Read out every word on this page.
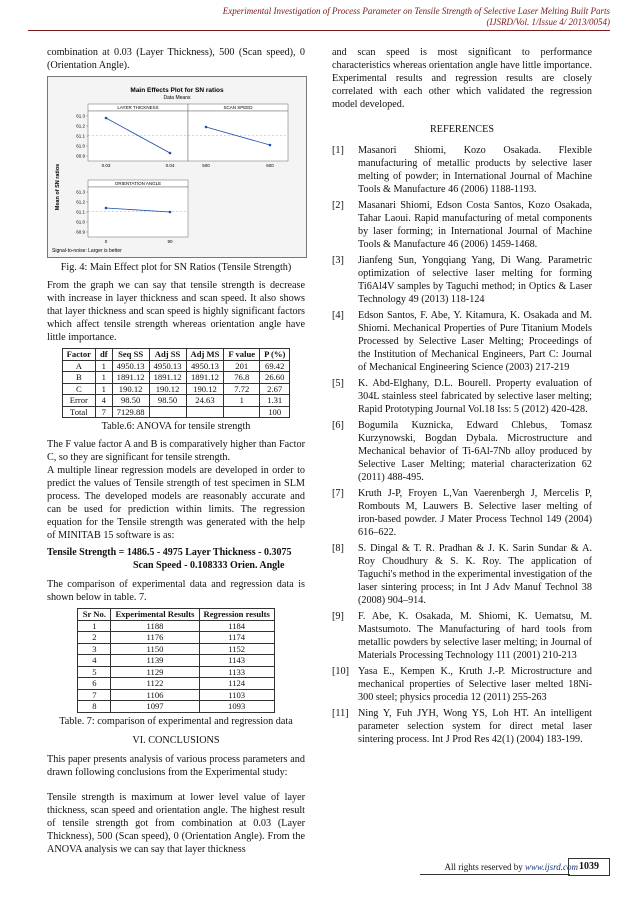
Experimental Investigation of Process Parameter on Tensile Strength of Selective Laser Melting Built Parts
(IJSRD/Vol. 1/Issue 4/ 2013/0054)

combination at 0.03 (Layer Thickness), 500 (Scan speed), 0 (Orientation Angle).

Main Effects Plot for SN ratios
Data Means
Mean of SN ratios
Signal-to-noise: Larger is better
LAYER THICKNESS
61.3
61.2
61.1
61.0
60.9
0.03	0.04
SCAN SPEED
500	600
ORIENTATION ANGLE
61.3
61.2
61.1
61.0
60.9
0	90
Fig. 4: Main Effect plot for SN Ratios (Tensile Strength)

From the graph we can say that tensile strength is decrease with increase in layer thickness and scan speed. It also shows that layer thickness and scan speed is highly significant factors which affect tensile strength whereas orientation angle have little importance.

Factor	df	Seq SS	Adj SS	Adj MS	F value	P (%)
A	1	4950.13	4950.13	4950.13	201	69.42
B	1	1891.12	1891.12	1891.12	76.8	26.60
C	1	190.12	190.12	190.12	7.72	2.67
Error	4	98.50	98.50	24.63	1	1.31
Total	7	7129.88				100
Table.6: ANOVA for tensile strength

The F value factor A and B is comparatively higher than Factor C, so they are significant for tensile strength.

A multiple linear regression models are developed in order to predict the values of Tensile strength of test specimen in SLM process. The developed models are reasonably accurate and can be used for prediction within limits. The regression equation for the Tensile strength was generated with the help of MINITAB 15 software is as:

Tensile Strength = 1486.5 - 4975 Layer Thickness - 0.3075
Scan Speed - 0.108333 Orien. Angle

The comparison of experimental data and regression data is shown below in table. 7.

Sr No.	Experimental Results	Regression results
1	1188	1184
2	1176	1174
3	1150	1152
4	1139	1143
5	1129	1133
6	1122	1124
7	1106	1103
8	1097	1093
Table. 7: comparison of experimental and regression data
VI. CONCLUSIONS

This paper presents analysis of various process parameters and drawn following conclusions from the Experimental study:

Tensile strength is maximum at lower level value of layer thickness, scan speed and orientation angle. The highest result of tensile strength got from combination at 0.03 (Layer Thickness), 500 (Scan speed), 0 (Orientation Angle). From the ANOVA analysis we can say that layer thickness

and scan speed is most significant to performance characteristics whereas orientation angle have little importance. Experimental results and regression results are closely correlated with each other which validated the regression model developed.

REFERENCES
[1]	Masanori Shiomi, Kozo Osakada. Flexible manufacturing of metallic products by selective laser melting of powder; in International Journal of Machine Tools & Manufacture 46 (2006) 1188-1193.
[2]	Masanari Shiomi, Edson Costa Santos, Kozo Osakada, Tahar Laoui. Rapid manufacturing of metal components by laser forming; in International Journal of Machine Tools & Manufacture 46 (2006) 1459-1468.
[3]	Jianfeng Sun, Yongqiang Yang, Di Wang. Parametric optimization of selective laser melting for forming Ti6Al4V samples by Taguchi method; in Optics & Laser Technology 49 (2013) 118-124
[4]	Edson Santos, F. Abe, Y. Kitamura, K. Osakada and M. Shiomi. Mechanical Properties of Pure Titanium Models Processed by Selective Laser Melting; Proceedings of the Institution of Mechanical Engineers, Part C: Journal of Mechanical Engineering Science (2003) 217-219
[5]	K. Abd-Elghany, D.L. Bourell. Property evaluation of 304L stainless steel fabricated by selective laser melting; Rapid Prototyping Journal Vol.18 Iss: 5 (2012) 420-428.
[6]	Bogumila Kuznicka, Edward Chlebus, Tomasz Kurzynowski, Bogdan Dybala. Microstructure and Mechanical behavior of Ti-6Al-7Nb alloy produced by Selective Laser Melting; material characterization 62 (2011) 488-495.
[7]	Kruth J-P, Froyen L,Van Vaerenbergh J, Mercelis P, Rombouts M, Lauwers B. Selective laser melting of iron-based powder. J Mater Process Technol 149 (2004) 616–622.
[8]	S. Dingal & T. R. Pradhan & J. K. Sarin Sundar & A. Roy Choudhury & S. K. Roy. The application of Taguchi's method in the experimental investigation of the laser sintering process; in Int J Adv Manuf Technol 38 (2008) 904–914.
[9]	F. Abe, K. Osakada, M. Shiomi, K. Uematsu, M. Mastsumoto. The Manufacturing of hard tools from metallic powders by selective laser melting; in Journal of Materials Processing Technology 111 (2001) 210-213
[10] Yasa E., Kempen K., Kruth J.-P. Microstructure and mechanical properties of Selective laser melted 18Ni-300 steel; physics procedia 12 (2011) 255-263
[11] Ning Y, Fuh JYH, Wong YS, Loh HT. An intelligent parameter selection system for direct metal laser sintering process. Int J Prod Res 42(1) (2004) 183-199.
All rights reserved by www.ijsrd.com 1039
